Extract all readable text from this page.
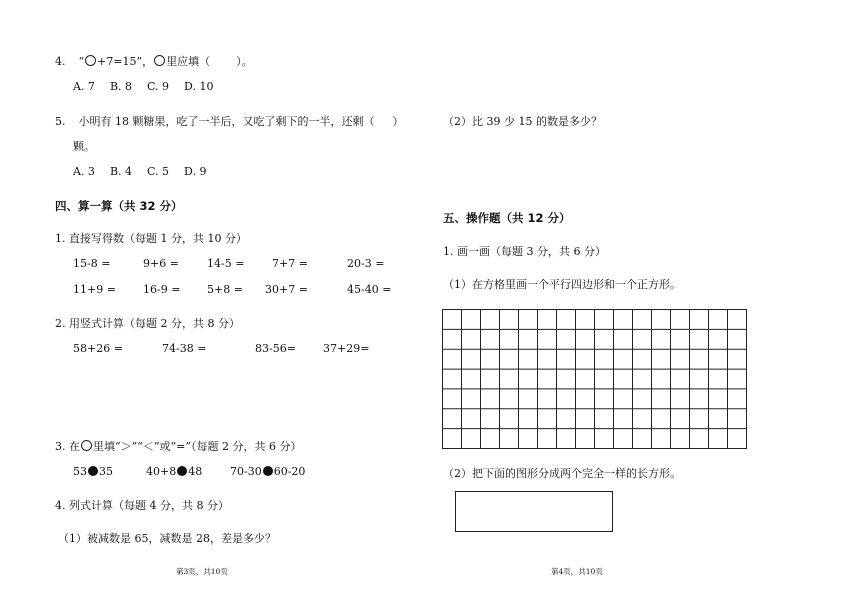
4. “ +7=15”， 里应填（ ）。
A. 7 B. 8 C. 9 D. 10
5. 小明有 18 颗糖果，吃了一半后，又吃了剩下的一半，还剩（ ）
颗。
A. 3 B. 4 C. 5 D. 9
四、算一算（共 32 分）
1. 直接写得数（每题 1 分，共 10 分）
15-8 =	9+6 =	14-5 =	7+7 =	20-3 =
11+9 = 16-9 = 5+8 = 30+7 =	45-40 =
2. 用竖式计算（每题 2 分，共 8 分）
58+26 =	74-38 =	83-56= 37+29=
3. 在 里填“＞”“＜”或“=”（每题 2 分，共 6 分）
53 35	40+8 48	70-30 60-20
4. 列式计算（每题 4 分，共 8 分）
（1）被减数是 65，减数是 28，差是多少？
第3页，共10页
（2）比 39 少 15 的数是多少？
五、操作题（共 12 分）
1. 画一画（每题 3 分，共 6 分）
（1）在方格里画一个平行四边形和一个正方形。
（2）把下面的图形分成两个完全一样的长方形。
第4页，共10页
